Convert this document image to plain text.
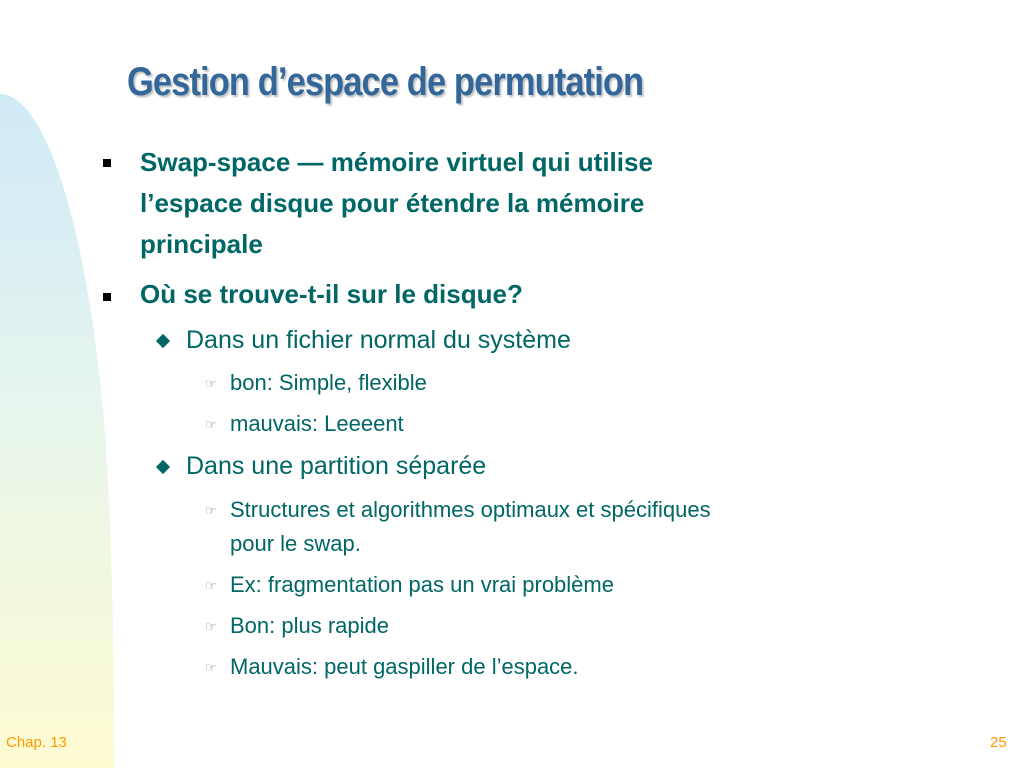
Gestion d’espace de permutation
Swap-space — mémoire virtuel qui utilise
l’espace disque pour étendre la mémoire
principale
Où se trouve-t-il sur le disque?
Dans un fichier normal du système
☞ bon: Simple, flexible
☞ mauvais: Leeeent
Dans une partition séparée
☞ Structures et algorithmes optimaux et spécifiques
pour le swap.
☞ Ex: fragmentation pas un vrai problème
☞ Bon: plus rapide
☞ Mauvais: peut gaspiller de l’espace.
Chap. 13	25
